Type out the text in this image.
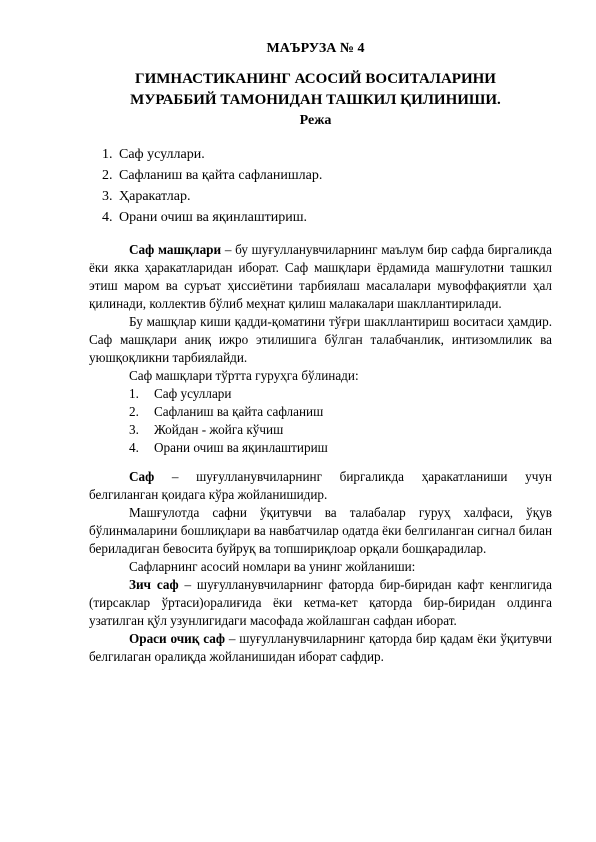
МАЪРУЗА № 4
ГИМНАСТИКАНИНГ АСОСИЙ ВОСИТАЛАРИНИ
МУРАББИЙ ТАМОНИДАН ТАШКИЛ ҚИЛИНИШИ.
Режа
1. Саф усуллари.
2. Сафланиш ва қайта сафланишлар.
3. Ҳаракатлар.
4. Орани очиш ва яқинлаштириш.

Саф машқлари – бу шуғулланувчиларнинг маълум бир сафда биргаликда ёки якка ҳаракатларидан иборат. Саф машқлари ёрдамида машғулотни ташкил этиш маром ва суръат ҳиссиётини тарбиялаш масалалари мувоффақиятли ҳал қилинади, коллектив бўлиб меҳнат қилиш малакалари шакллантирилади.

Бу машқлар киши қадди-қоматини тўғри шакллантириш воситаси ҳамдир. Саф машқлари аниқ ижро этилишига бўлган талабчанлик, интизомлилик ва уюшқоқликни тарбиялайди.

Саф машқлари тўртта гуруҳга бўлинади:

1.	Саф усуллари
2.	Сафланиш ва қайта сафланиш
3.	Жойдан - жойга кўчиш
4.	Орани очиш ва яқинлаштириш

Саф – шуғулланувчиларнинг биргаликда ҳаракатланиши учун белгиланган қоидага кўра жойланишидир.

Машғулотда сафни ўқитувчи ва талабалар гуруҳ халфаси, ўқув бўлинмаларини бошлиқлари ва навбатчилар одатда ёки белгиланган сигнал билан бериладиган бевосита буйруқ ва топшириқлоар орқали бошқарадилар.

Сафларнинг асосий номлари ва унинг жойланиши:

Зич саф – шуғулланувчиларнинг фаторда бир-биридан кафт кенглигида (тирсаклар ўртаси)оралиғида ёки кетма-кет қаторда бир-биридан олдинга узатилган қўл узунлигидаги масофада жойлашган сафдан иборат.

Ораси очиқ саф – шуғулланувчиларнинг қаторда бир қадам ёки ўқитувчи белгилаган оралиқда жойланишидан иборат сафдир.
